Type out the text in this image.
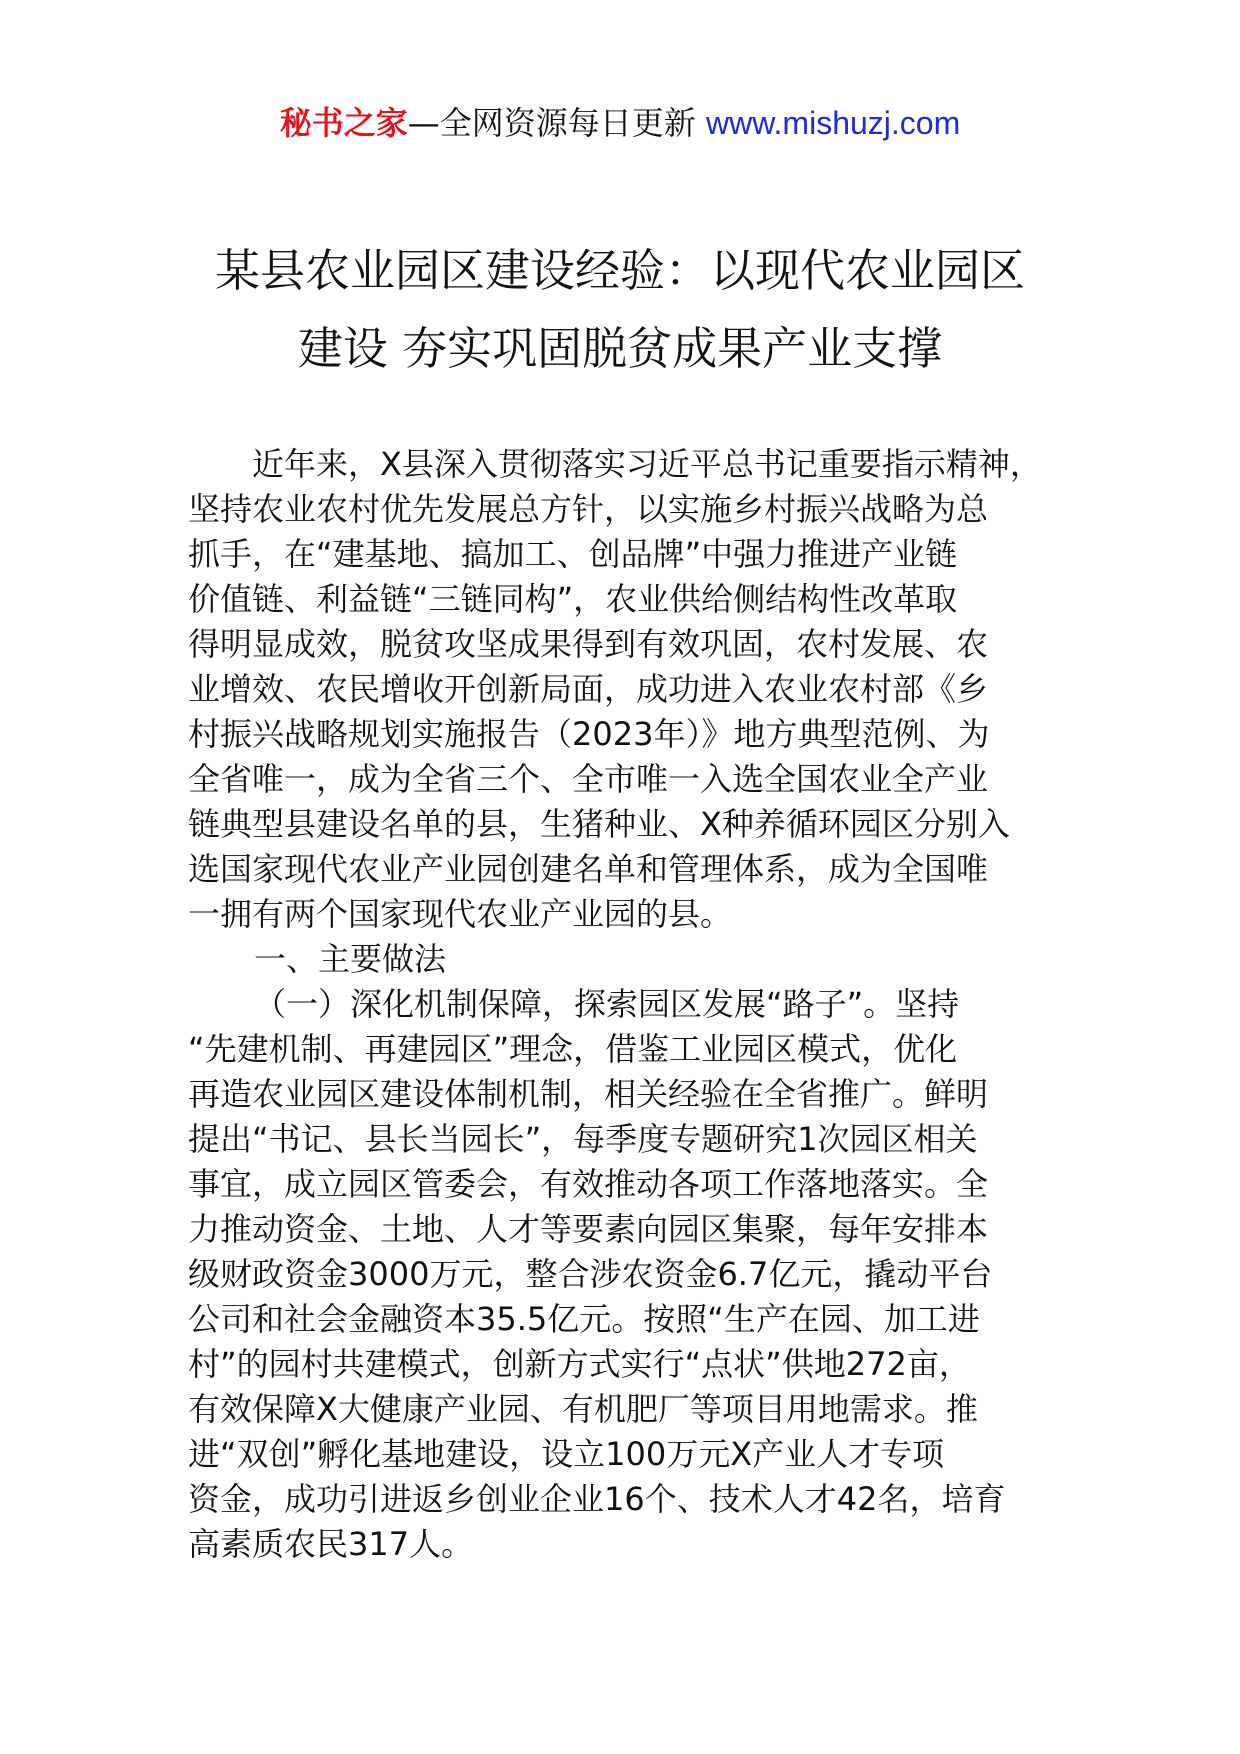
秘书之家—全网资源每日更新 www.mishuzj.com
某县农业园区建设经验：以现代农业园区
建设 夯实巩固脱贫成果产业支撑
近年来，X县深入贯彻落实习近平总书记重要指示精神，
坚持农业农村优先发展总方针，以实施乡村振兴战略为总
抓手，在“建基地、搞加工、创品牌”中强力推进产业链
价值链、利益链“三链同构”，农业供给侧结构性改革取
得明显成效，脱贫攻坚成果得到有效巩固，农村发展、农
业增效、农民增收开创新局面，成功进入农业农村部《乡
村振兴战略规划实施报告（2023年）》地方典型范例、为
全省唯一，成为全省三个、全市唯一入选全国农业全产业
链典型县建设名单的县，生猪种业、X种养循环园区分别入
选国家现代农业产业园创建名单和管理体系，成为全国唯
一拥有两个国家现代农业产业园的县。
一、主要做法
（一）深化机制保障，探索园区发展“路子”。坚持
“先建机制、再建园区”理念，借鉴工业园区模式，优化
再造农业园区建设体制机制，相关经验在全省推广。鲜明
提出“书记、县长当园长”，每季度专题研究1次园区相关
事宜，成立园区管委会，有效推动各项工作落地落实。全
力推动资金、土地、人才等要素向园区集聚，每年安排本
级财政资金3000万元，整合涉农资金6.7亿元，撬动平台
公司和社会金融资本35.5亿元。按照“生产在园、加工进
村”的园村共建模式，创新方式实行“点状”供地272亩，
有效保障X大健康产业园、有机肥厂等项目用地需求。推
进“双创”孵化基地建设，设立100万元X产业人才专项
资金，成功引进返乡创业企业16个、技术人才42名，培育
高素质农民317人。
